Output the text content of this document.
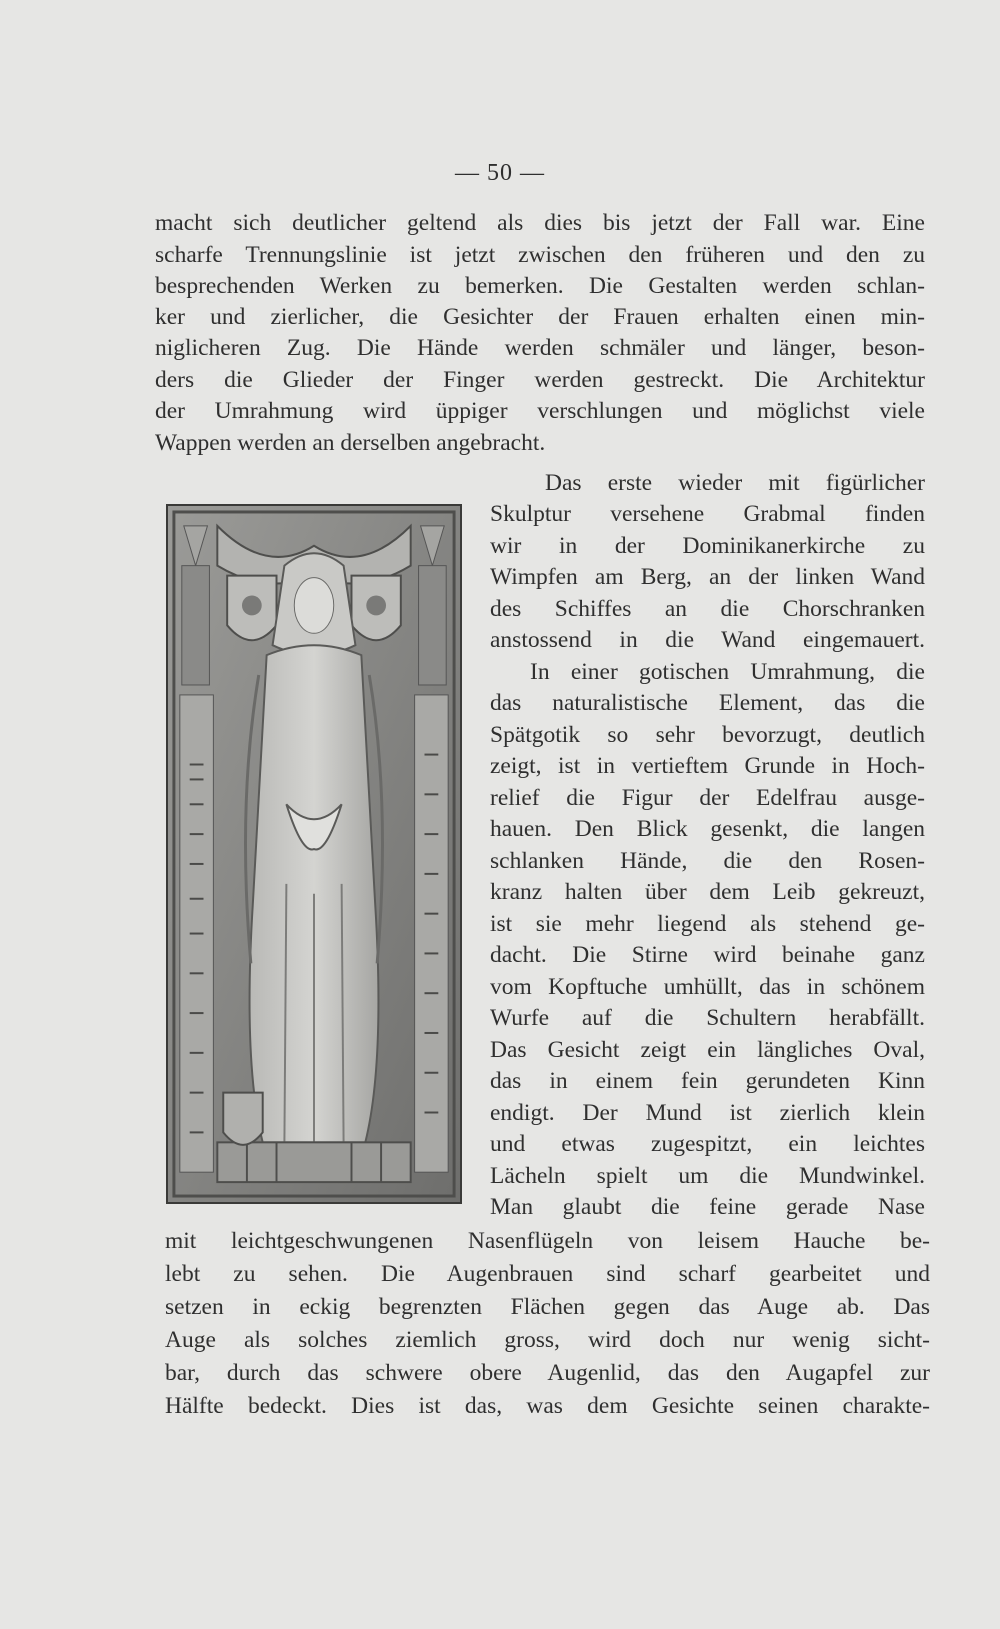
— 50 —
macht sich deutlicher geltend als dies bis jetzt der Fall war. Eine
scharfe Trennungslinie ist jetzt zwischen den früheren und den zu
besprechenden Werken zu bemerken. Die Gestalten werden schlan-
ker und zierlicher, die Gesichter der Frauen erhalten einen min-
niglicheren Zug. Die Hände werden schmäler und länger, beson-
ders die Glieder der Finger werden gestreckt. Die Architektur
der Umrahmung wird üppiger verschlungen und möglichst viele
Wappen werden an derselben angebracht.
Das erste wieder mit figürlicher
Skulptur versehene Grabmal finden
wir in der Dominikanerkirche zu
Wimpfen am Berg, an der linken Wand
des Schiffes an die Chorschranken
anstossend in die Wand eingemauert.
In einer gotischen Umrahmung, die
das naturalistische Element, das die
Spätgotik so sehr bevorzugt, deutlich
zeigt, ist in vertieftem Grunde in Hoch-
relief die Figur der Edelfrau ausge-
hauen. Den Blick gesenkt, die langen
schlanken Hände, die den Rosen-
kranz halten über dem Leib gekreuzt,
ist sie mehr liegend als stehend ge-
dacht. Die Stirne wird beinahe ganz
vom Kopftuche umhüllt, das in schönem
Wurfe auf die Schultern herabfällt.
Das Gesicht zeigt ein längliches Oval,
das in einem fein gerundeten Kinn
endigt. Der Mund ist zierlich klein
und etwas zugespitzt, ein leichtes
Lächeln spielt um die Mundwinkel.
Man glaubt die feine gerade Nase
mit leichtgeschwungenen Nasenflügeln von leisem Hauche be-
lebt zu sehen. Die Augenbrauen sind scharf gearbeitet und
setzen in eckig begrenzten Flächen gegen das Auge ab. Das
Auge als solches ziemlich gross, wird doch nur wenig sicht-
bar, durch das schwere obere Augenlid, das den Augapfel zur
Hälfte bedeckt. Dies ist das, was dem Gesichte seinen charakte-
